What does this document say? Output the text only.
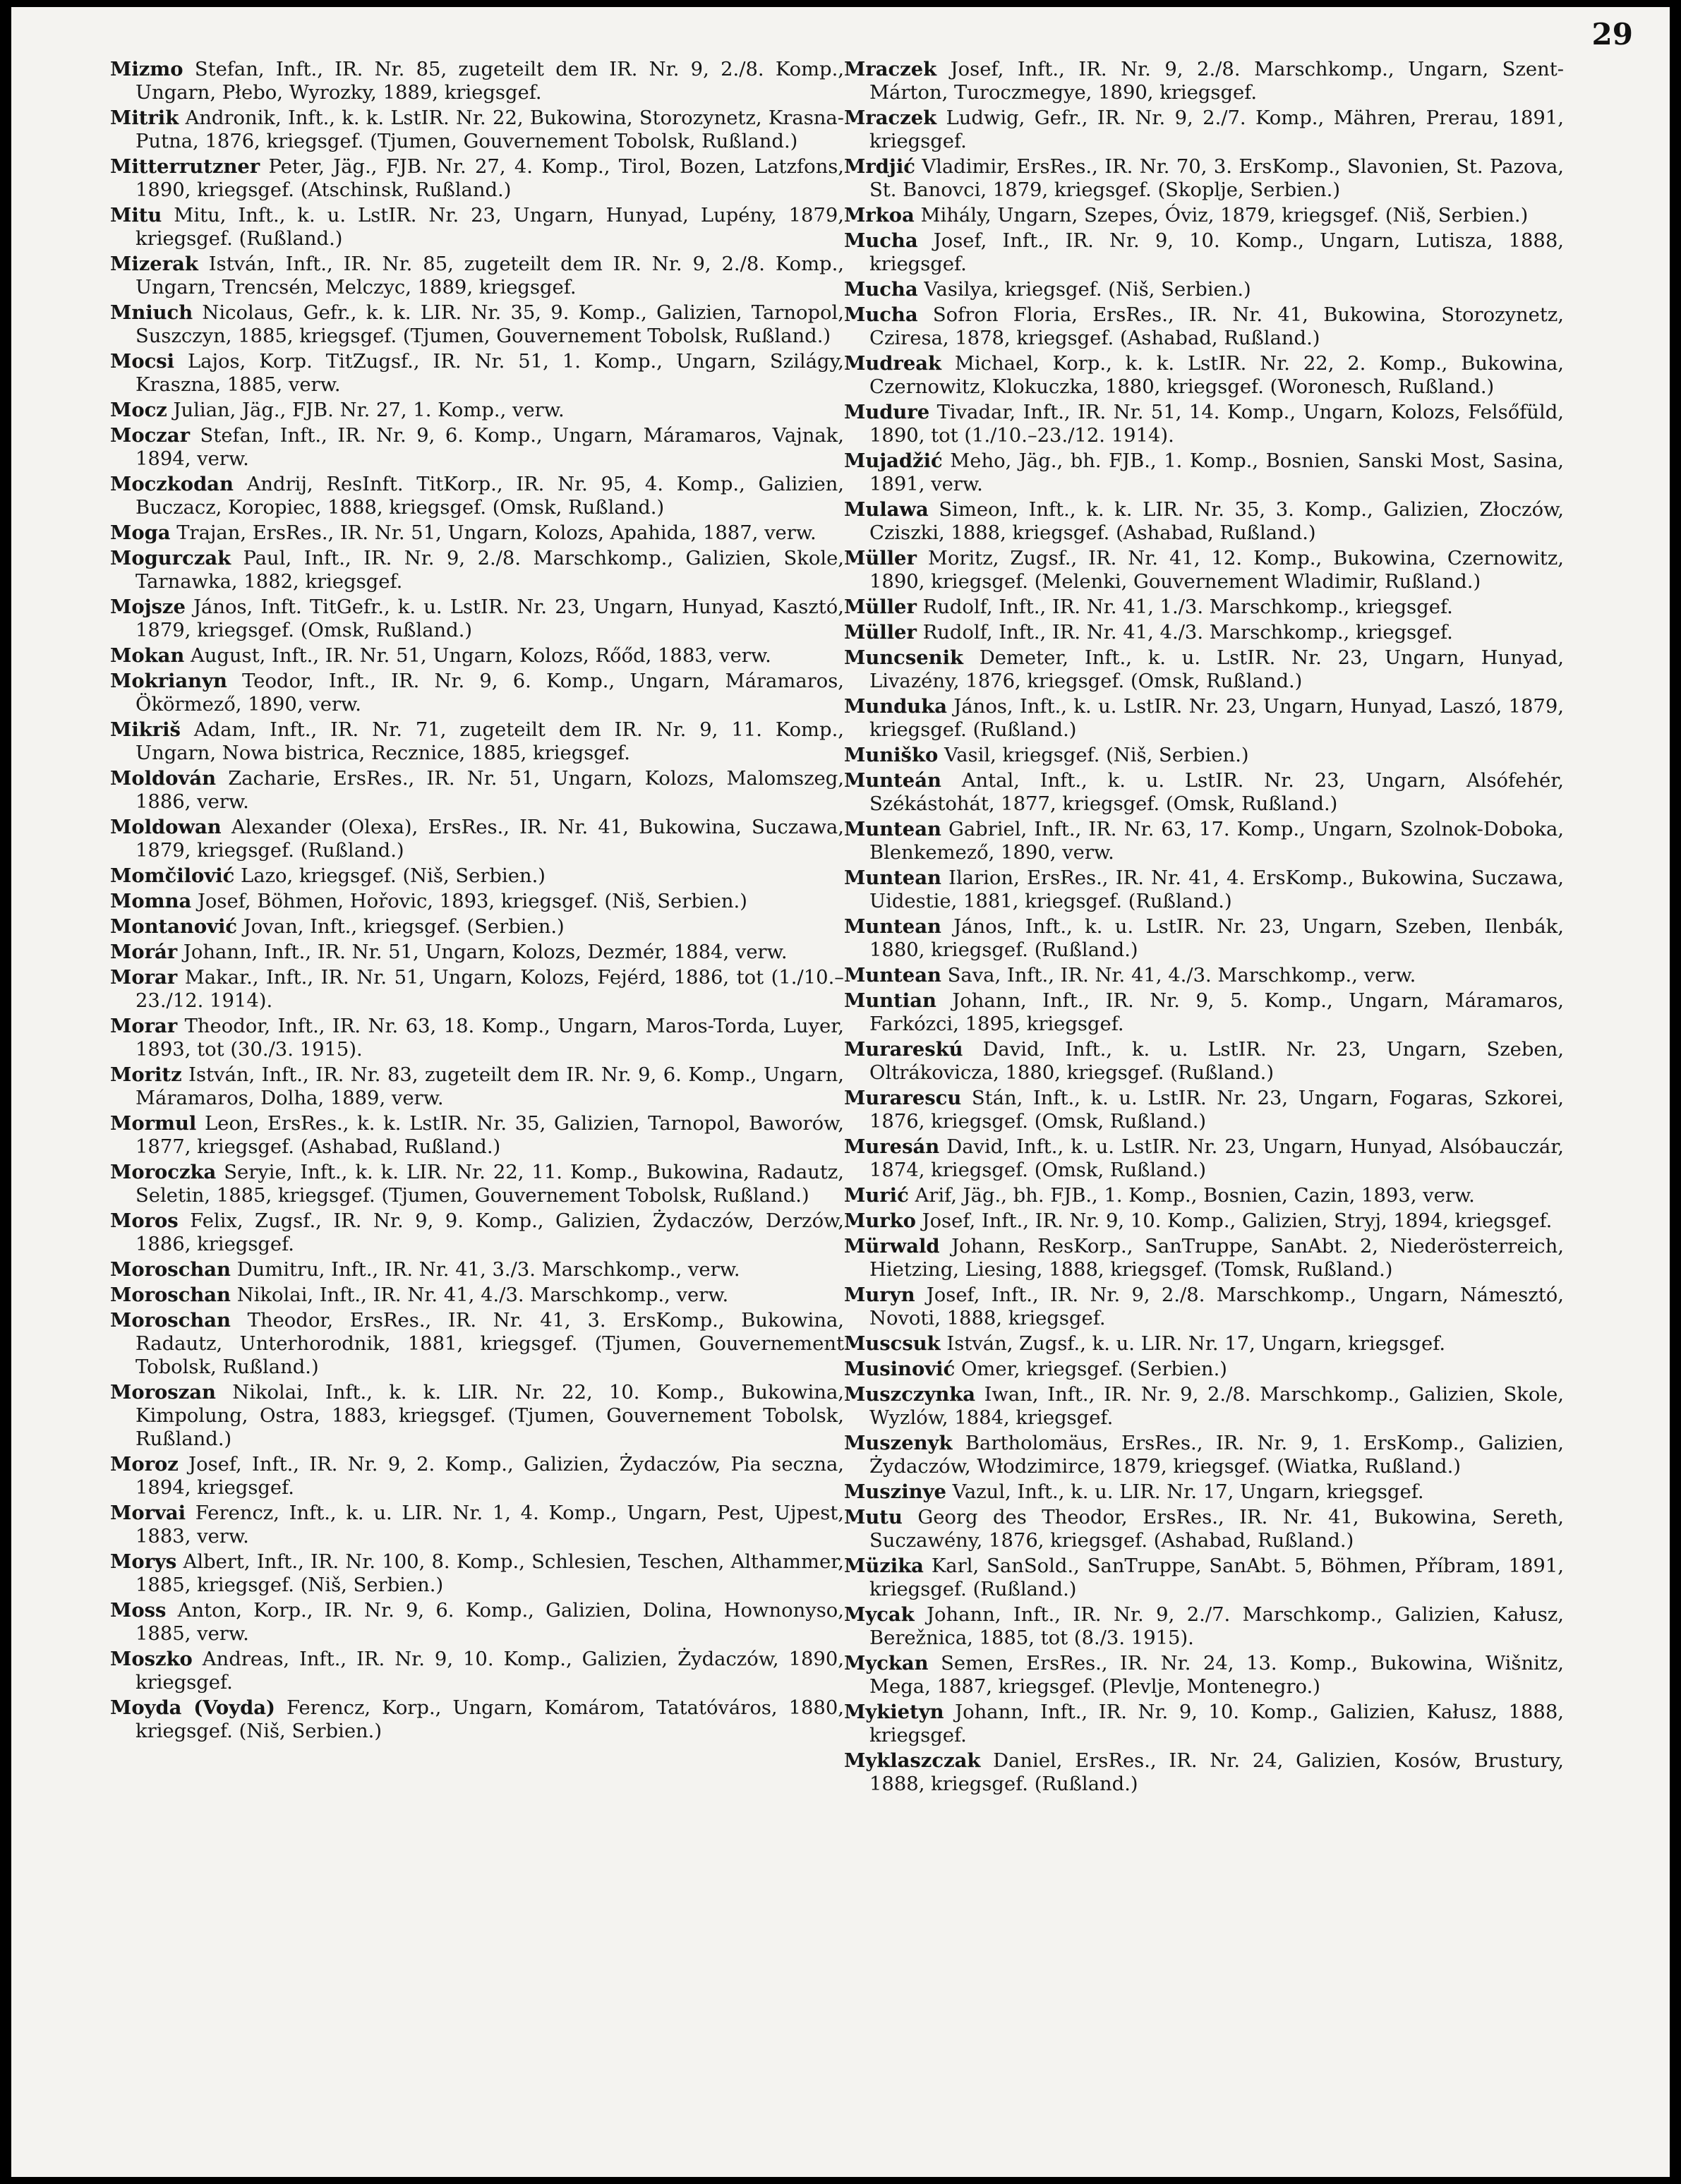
29
Mizmo Stefan, Inft., IR. Nr. 85, zugeteilt dem IR. Nr. 9, 2./8. Komp., Ungarn, Płebo, Wyrozky, 1889, kriegsgef.
Mitrik Andronik, Inft., k. k. LstIR. Nr. 22, Bukowina, Storozynetz, Krasna-Putna, 1876, kriegsgef. (Tjumen, Gouvernement Tobolsk, Rußland.)
Mitterrutzner Peter, Jäg., FJB. Nr. 27, 4. Komp., Tirol, Bozen, Latzfons, 1890, kriegsgef. (Atschinsk, Rußland.)
Mitu Mitu, Inft., k. u. LstIR. Nr. 23, Ungarn, Hunyad, Lupény, 1879, kriegsgef. (Rußland.)
Mizerak István, Inft., IR. Nr. 85, zugeteilt dem IR. Nr. 9, 2./8. Komp., Ungarn, Trencsén, Melczyc, 1889, kriegsgef.
Mniuch Nicolaus, Gefr., k. k. LIR. Nr. 35, 9. Komp., Galizien, Tarnopol, Suszczyn, 1885, kriegsgef. (Tjumen, Gouvernement Tobolsk, Rußland.)
Mocsi Lajos, Korp. TitZugsf., IR. Nr. 51, 1. Komp., Ungarn, Szilágy, Kraszna, 1885, verw.
Mocz Julian, Jäg., FJB. Nr. 27, 1. Komp., verw.
Moczar Stefan, Inft., IR. Nr. 9, 6. Komp., Ungarn, Máramaros, Vajnak, 1894, verw.
Moczkodan Andrij, ResInft. TitKorp., IR. Nr. 95, 4. Komp., Galizien, Buczacz, Koropiec, 1888, kriegsgef. (Omsk, Rußland.)
Moga Trajan, ErsRes., IR. Nr. 51, Ungarn, Kolozs, Apahida, 1887, verw.
Mogurczak Paul, Inft., IR. Nr. 9, 2./8. Marschkomp., Galizien, Skole, Tarnawka, 1882, kriegsgef.
Mojsze János, Inft. TitGefr., k. u. LstIR. Nr. 23, Ungarn, Hunyad, Kasztó, 1879, kriegsgef. (Omsk, Rußland.)
Mokan August, Inft., IR. Nr. 51, Ungarn, Kolozs, Rőőd, 1883, verw.
Mokrianyn Teodor, Inft., IR. Nr. 9, 6. Komp., Ungarn, Máramaros, Ökörmező, 1890, verw.
Mikriš Adam, Inft., IR. Nr. 71, zugeteilt dem IR. Nr. 9, 11. Komp., Ungarn, Nowa bistrica, Recznice, 1885, kriegsgef.
Moldován Zacharie, ErsRes., IR. Nr. 51, Ungarn, Kolozs, Malomszeg, 1886, verw.
Moldowan Alexander (Olexa), ErsRes., IR. Nr. 41, Bukowina, Suczawa, 1879, kriegsgef. (Rußland.)
Momčilović Lazo, kriegsgef. (Niš, Serbien.)
Momna Josef, Böhmen, Hořovic, 1893, kriegsgef. (Niš, Serbien.)
Montanović Jovan, Inft., kriegsgef. (Serbien.)
Morár Johann, Inft., IR. Nr. 51, Ungarn, Kolozs, Dezmér, 1884, verw.
Morar Makar., Inft., IR. Nr. 51, Ungarn, Kolozs, Fejérd, 1886, tot (1./10.–23./12. 1914).
Morar Theodor, Inft., IR. Nr. 63, 18. Komp., Ungarn, Maros-Torda, Luyer, 1893, tot (30./3. 1915).
Moritz István, Inft., IR. Nr. 83, zugeteilt dem IR. Nr. 9, 6. Komp., Ungarn, Máramaros, Dolha, 1889, verw.
Mormul Leon, ErsRes., k. k. LstIR. Nr. 35, Galizien, Tarnopol, Baworów, 1877, kriegsgef. (Ashabad, Rußland.)
Moroczka Seryie, Inft., k. k. LIR. Nr. 22, 11. Komp., Bukowina, Radautz, Seletin, 1885, kriegsgef. (Tjumen, Gouvernement Tobolsk, Rußland.)
Moros Felix, Zugsf., IR. Nr. 9, 9. Komp., Galizien, Żydaczów, Derzów, 1886, kriegsgef.
Moroschan Dumitru, Inft., IR. Nr. 41, 3./3. Marschkomp., verw.
Moroschan Nikolai, Inft., IR. Nr. 41, 4./3. Marschkomp., verw.
Moroschan Theodor, ErsRes., IR. Nr. 41, 3. ErsKomp., Bukowina, Radautz, Unterhorodnik, 1881, kriegsgef. (Tjumen, Gouvernement Tobolsk, Rußland.)
Moroszan Nikolai, Inft., k. k. LIR. Nr. 22, 10. Komp., Bukowina, Kimpolung, Ostra, 1883, kriegsgef. (Tjumen, Gouvernement Tobolsk, Rußland.)
Moroz Josef, Inft., IR. Nr. 9, 2. Komp., Galizien, Żydaczów, Pia seczna, 1894, kriegsgef.
Morvai Ferencz, Inft., k. u. LIR. Nr. 1, 4. Komp., Ungarn, Pest, Ujpest, 1883, verw.
Morys Albert, Inft., IR. Nr. 100, 8. Komp., Schlesien, Teschen, Althammer, 1885, kriegsgef. (Niš, Serbien.)
Moss Anton, Korp., IR. Nr. 9, 6. Komp., Galizien, Dolina, Hownonyso, 1885, verw.
Moszko Andreas, Inft., IR. Nr. 9, 10. Komp., Galizien, Żydaczów, 1890, kriegsgef.
Moyda (Voyda) Ferencz, Korp., Ungarn, Komárom, Tatatóváros, 1880, kriegsgef. (Niš, Serbien.)
Mraczek Josef, Inft., IR. Nr. 9, 2./8. Marschkomp., Ungarn, Szent-Márton, Turoczmegye, 1890, kriegsgef.
Mraczek Ludwig, Gefr., IR. Nr. 9, 2./7. Komp., Mähren, Prerau, 1891, kriegsgef.
Mrdjić Vladimir, ErsRes., IR. Nr. 70, 3. ErsKomp., Slavonien, St. Pazova, St. Banovci, 1879, kriegsgef. (Skoplje, Serbien.)
Mrkoa Mihály, Ungarn, Szepes, Óviz, 1879, kriegsgef. (Niš, Serbien.)
Mucha Josef, Inft., IR. Nr. 9, 10. Komp., Ungarn, Lutisza, 1888, kriegsgef.
Mucha Vasilya, kriegsgef. (Niš, Serbien.)
Mucha Sofron Floria, ErsRes., IR. Nr. 41, Bukowina, Storozynetz, Cziresa, 1878, kriegsgef. (Ashabad, Rußland.)
Mudreak Michael, Korp., k. k. LstIR. Nr. 22, 2. Komp., Bukowina, Czernowitz, Klokuczka, 1880, kriegsgef. (Woronesch, Rußland.)
Mudure Tivadar, Inft., IR. Nr. 51, 14. Komp., Ungarn, Kolozs, Felsőfüld, 1890, tot (1./10.–23./12. 1914).
Mujadžić Meho, Jäg., bh. FJB., 1. Komp., Bosnien, Sanski Most, Sasina, 1891, verw.
Mulawa Simeon, Inft., k. k. LIR. Nr. 35, 3. Komp., Galizien, Złoczów, Cziszki, 1888, kriegsgef. (Ashabad, Rußland.)
Müller Moritz, Zugsf., IR. Nr. 41, 12. Komp., Bukowina, Czernowitz, 1890, kriegsgef. (Melenki, Gouvernement Wladimir, Rußland.)
Müller Rudolf, Inft., IR. Nr. 41, 1./3. Marschkomp., kriegsgef.
Müller Rudolf, Inft., IR. Nr. 41, 4./3. Marschkomp., kriegsgef.
Muncsenik Demeter, Inft., k. u. LstIR. Nr. 23, Ungarn, Hunyad, Livazény, 1876, kriegsgef. (Omsk, Rußland.)
Munduka János, Inft., k. u. LstIR. Nr. 23, Ungarn, Hunyad, Laszó, 1879, kriegsgef. (Rußland.)
Muniško Vasil, kriegsgef. (Niš, Serbien.)
Munteán Antal, Inft., k. u. LstIR. Nr. 23, Ungarn, Alsófehér, Székástohát, 1877, kriegsgef. (Omsk, Rußland.)
Muntean Gabriel, Inft., IR. Nr. 63, 17. Komp., Ungarn, Szolnok-Doboka, Blenkemező, 1890, verw.
Muntean Ilarion, ErsRes., IR. Nr. 41, 4. ErsKomp., Bukowina, Suczawa, Uidestie, 1881, kriegsgef. (Rußland.)
Muntean János, Inft., k. u. LstIR. Nr. 23, Ungarn, Szeben, Ilenbák, 1880, kriegsgef. (Rußland.)
Muntean Sava, Inft., IR. Nr. 41, 4./3. Marschkomp., verw.
Muntian Johann, Inft., IR. Nr. 9, 5. Komp., Ungarn, Máramaros, Farkózci, 1895, kriegsgef.
Murareskú David, Inft., k. u. LstIR. Nr. 23, Ungarn, Szeben, Oltrákovicza, 1880, kriegsgef. (Rußland.)
Murarescu Stán, Inft., k. u. LstIR. Nr. 23, Ungarn, Fogaras, Szkorei, 1876, kriegsgef. (Omsk, Rußland.)
Muresán David, Inft., k. u. LstIR. Nr. 23, Ungarn, Hunyad, Alsóbauczár, 1874, kriegsgef. (Omsk, Rußland.)
Murić Arif, Jäg., bh. FJB., 1. Komp., Bosnien, Cazin, 1893, verw.
Murko Josef, Inft., IR. Nr. 9, 10. Komp., Galizien, Stryj, 1894, kriegsgef.
Mürwald Johann, ResKorp., SanTruppe, SanAbt. 2, Niederösterreich, Hietzing, Liesing, 1888, kriegsgef. (Tomsk, Rußland.)
Muryn Josef, Inft., IR. Nr. 9, 2./8. Marschkomp., Ungarn, Námesztó, Novoti, 1888, kriegsgef.
Muscsuk István, Zugsf., k. u. LIR. Nr. 17, Ungarn, kriegsgef.
Musinović Omer, kriegsgef. (Serbien.)
Muszczynka Iwan, Inft., IR. Nr. 9, 2./8. Marschkomp., Galizien, Skole, Wyzlów, 1884, kriegsgef.
Muszenyk Bartholomäus, ErsRes., IR. Nr. 9, 1. ErsKomp., Galizien, Żydaczów, Włodzimirce, 1879, kriegsgef. (Wiatka, Rußland.)
Muszinye Vazul, Inft., k. u. LIR. Nr. 17, Ungarn, kriegsgef.
Mutu Georg des Theodor, ErsRes., IR. Nr. 41, Bukowina, Sereth, Suczawény, 1876, kriegsgef. (Ashabad, Rußland.)
Müzika Karl, SanSold., SanTruppe, SanAbt. 5, Böhmen, Příbram, 1891, kriegsgef. (Rußland.)
Mycak Johann, Inft., IR. Nr. 9, 2./7. Marschkomp., Galizien, Kałusz, Berežnica, 1885, tot (8./3. 1915).
Myckan Semen, ErsRes., IR. Nr. 24, 13. Komp., Bukowina, Wišnitz, Mega, 1887, kriegsgef. (Plevlje, Montenegro.)
Mykietyn Johann, Inft., IR. Nr. 9, 10. Komp., Galizien, Kałusz, 1888, kriegsgef.
Myklaszczak Daniel, ErsRes., IR. Nr. 24, Galizien, Kosów, Brustury, 1888, kriegsgef. (Rußland.)
